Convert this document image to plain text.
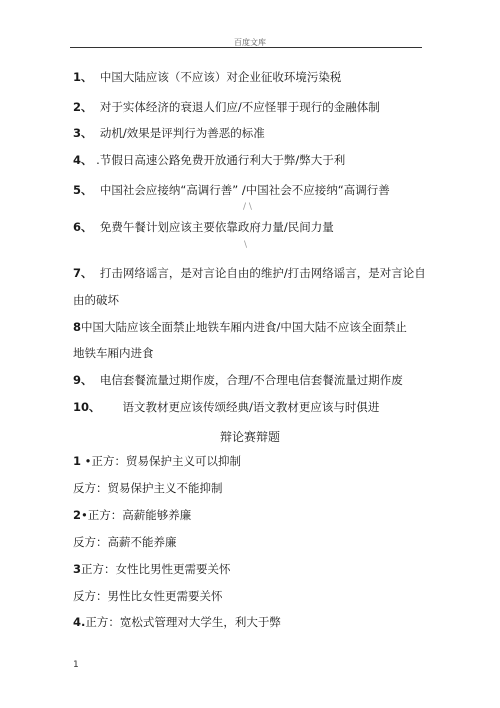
百度文库
1、 中国大陆应该（不应该）对企业征收环境污染税
2、 对于实体经济的衰退人们应/不应怪罪于现行的金融体制
3、 动机/效果是评判行为善恶的标准
4、 .节假日高速公路免费开放通行利大于弊/弊大于利
5、 中国社会应接纳“高调行善” /中国社会不应接纳“高调行善
/ \
6、 免费午餐计划应该主要依靠政府力量/民间力量
\
7、 打击网络谣言，是对言论自由的维护/打击网络谣言，是对言论自
由的破坏
8中国大陆应该全面禁止地铁车厢内进食/中国大陆不应该全面禁止
地铁车厢内进食
9、 电信套餐流量过期作废，合理/不合理电信套餐流量过期作废
10、 语文教材更应该传颂经典/语文教材更应该与时俱进
辩论赛辩题
1 •正方：贸易保护主义可以抑制
反方：贸易保护主义不能抑制
2•正方：高薪能够养廉
反方：高薪不能养廉
3正方：女性比男性更需要关怀
反方：男性比女性更需要关怀
4.正方：宽松式管理对大学生，利大于弊
1
